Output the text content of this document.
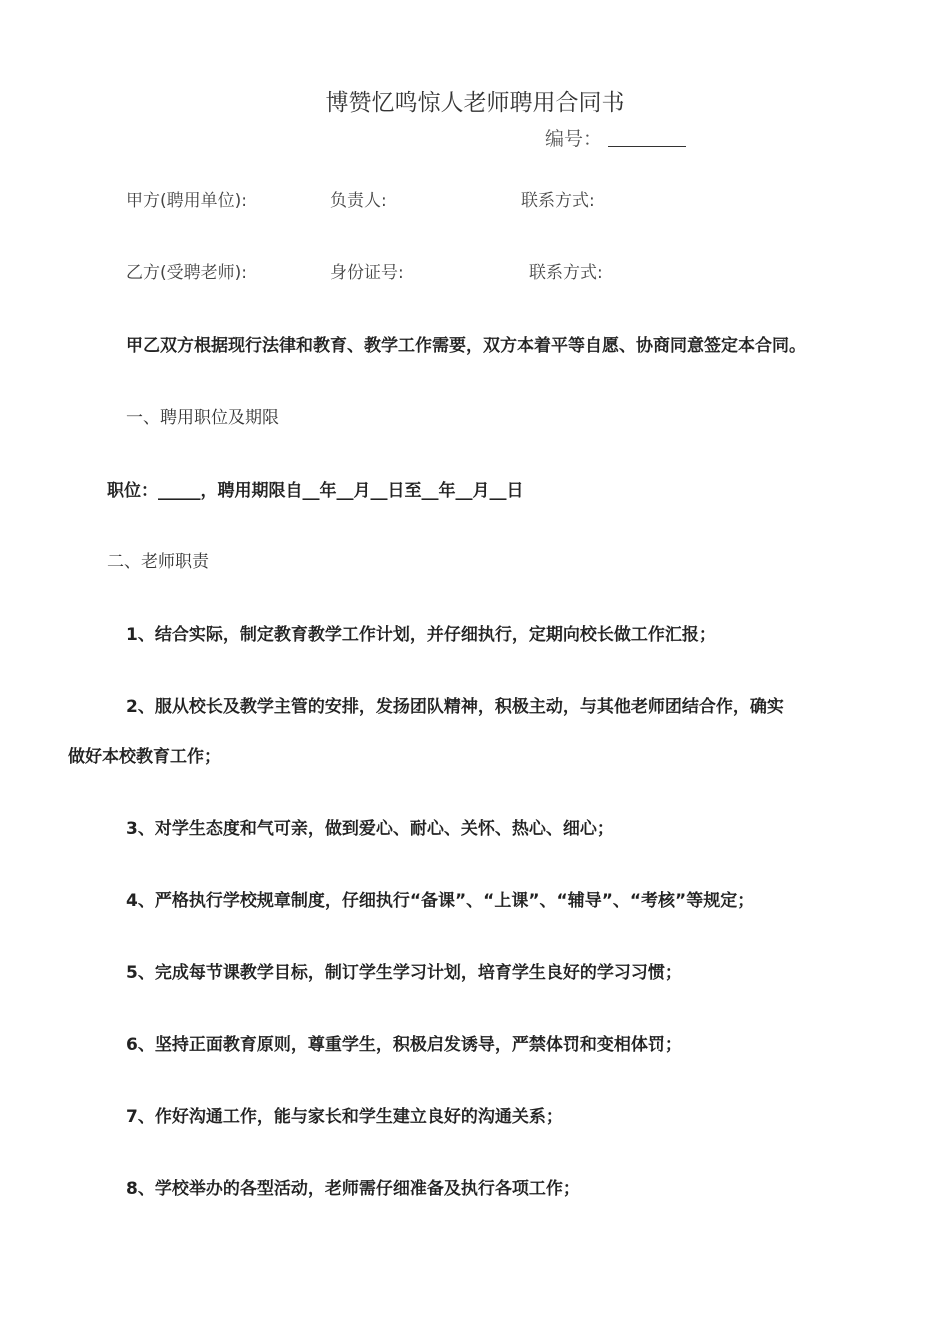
博赞忆鸣惊人老师聘用合同书
编号：
甲方(聘用单位):	负责人:	联系方式:
乙方(受聘老师):	身份证号:	联系方式:
甲乙双方根据现行法律和教育、教学工作需要，双方本着平等自愿、协商同意签定本合同。
一、聘用职位及期限
职位：_____，聘用期限自__年__月__日至__年__月__日
二、老师职责
1、结合实际，制定教育教学工作计划，并仔细执行，定期向校长做工作汇报；
2、服从校长及教学主管的安排，发扬团队精神，积极主动，与其他老师团结合作，确实
做好本校教育工作；
3、对学生态度和气可亲，做到爱心、耐心、关怀、热心、细心；
4、严格执行学校规章制度，仔细执行“备课”、“上课”、“辅导”、“考核”等规定；
5、完成每节课教学目标，制订学生学习计划，培育学生良好的学习习惯；
6、坚持正面教育原则，尊重学生，积极启发诱导，严禁体罚和变相体罚；
7、作好沟通工作，能与家长和学生建立良好的沟通关系；
8、学校举办的各型活动，老师需仔细准备及执行各项工作；
